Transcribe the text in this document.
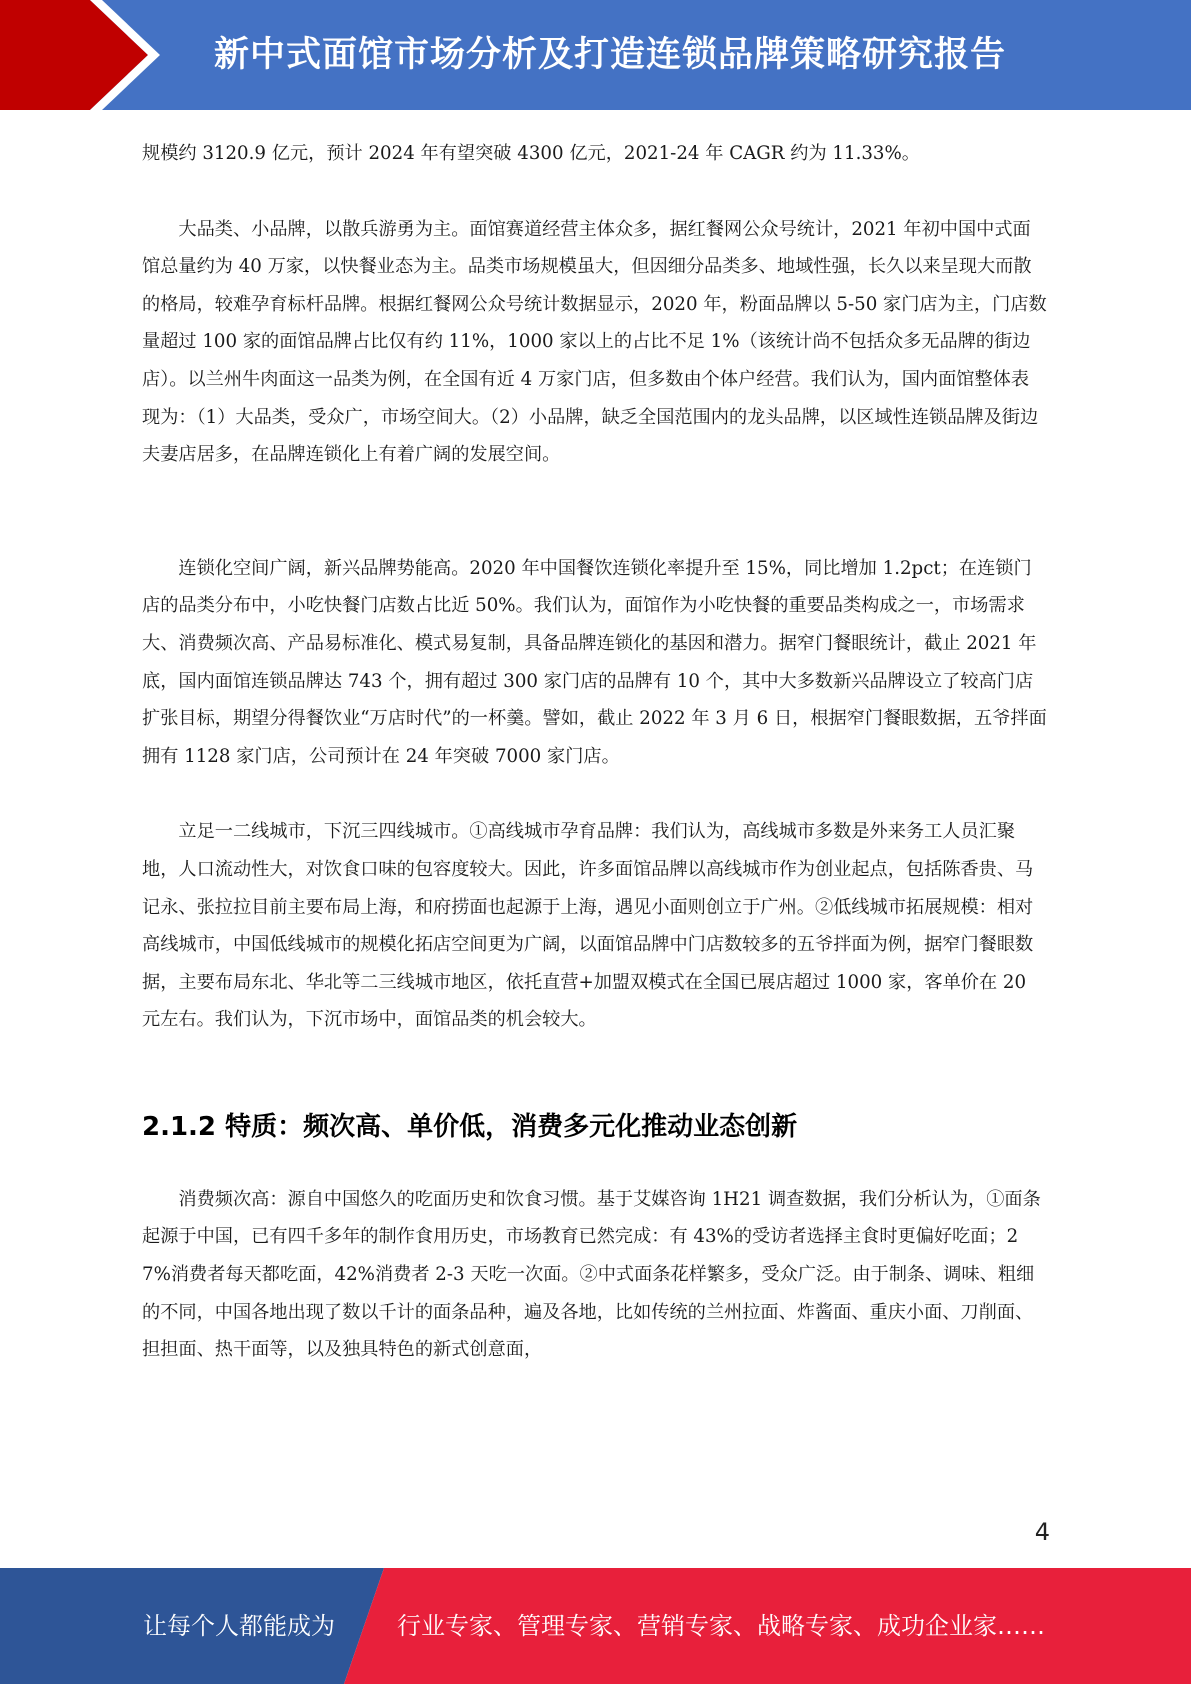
新中式面馆市场分析及打造连锁品牌策略研究报告

规模约 3120.9 亿元，预计 2024 年有望突破 4300 亿元，2021-24 年 CAGR 约为 11.33%。

大品类、小品牌，以散兵游勇为主。面馆赛道经营主体众多，据红餐网公众号统计，2021 年初中国中式面馆总量约为 40 万家，以快餐业态为主。品类市场规模虽大，但因细分品类多、地域性强，长久以来呈现大而散的格局，较难孕育标杆品牌。根据红餐网公众号统计数据显示，2020 年，粉面品牌以 5-50 家门店为主，门店数量超过 100 家的面馆品牌占比仅有约 11%，1000 家以上的占比不足 1%（该统计尚不包括众多无品牌的街边店）。以兰州牛肉面这一品类为例，在全国有近 4 万家门店，但多数由个体户经营。我们认为，国内面馆整体表现为：（1）大品类，受众广，市场空间大。（2）小品牌，缺乏全国范围内的龙头品牌，以区域性连锁品牌及街边夫妻店居多，在品牌连锁化上有着广阔的发展空间。

连锁化空间广阔，新兴品牌势能高。2020 年中国餐饮连锁化率提升至 15%，同比增加 1.2pct；在连锁门店的品类分布中，小吃快餐门店数占比近 50%。我们认为，面馆作为小吃快餐的重要品类构成之一，市场需求大、消费频次高、产品易标准化、模式易复制，具备品牌连锁化的基因和潜力。据窄门餐眼统计，截止 2021 年底，国内面馆连锁品牌达 743 个，拥有超过 300 家门店的品牌有 10 个，其中大多数新兴品牌设立了较高门店扩张目标，期望分得餐饮业“万店时代”的一杯羹。譬如，截止 2022 年 3 月 6 日，根据窄门餐眼数据，五爷拌面拥有 1128 家门店，公司预计在 24 年突破 7000 家门店。

立足一二线城市，下沉三四线城市。①高线城市孕育品牌：我们认为，高线城市多数是外来务工人员汇聚地，人口流动性大，对饮食口味的包容度较大。因此，许多面馆品牌以高线城市作为创业起点，包括陈香贵、马记永、张拉拉目前主要布局上海，和府捞面也起源于上海，遇见小面则创立于广州。②低线城市拓展规模：相对高线城市，中国低线城市的规模化拓店空间更为广阔，以面馆品牌中门店数较多的五爷拌面为例，据窄门餐眼数据，主要布局东北、华北等二三线城市地区，依托直营+加盟双模式在全国已展店超过 1000 家，客单价在 20 元左右。我们认为，下沉市场中，面馆品类的机会较大。

2.1.2 特质：频次高、单价低，消费多元化推动业态创新

消费频次高：源自中国悠久的吃面历史和饮食习惯。基于艾媒咨询 1H21 调查数据，我们分析认为，①面条起源于中国，已有四千多年的制作食用历史，市场教育已然完成：有 43%的受访者选择主食时更偏好吃面；27%消费者每天都吃面，42%消费者 2-3 天吃一次面。②中式面条花样繁多，受众广泛。由于制条、调味、粗细的不同，中国各地出现了数以千计的面条品种，遍及各地，比如传统的兰州拉面、炸酱面、重庆小面、刀削面、担担面、热干面等，以及独具特色的新式创意面，

4
让每个人都能成为	行业专家、管理专家、营销专家、战略专家、成功企业家……
